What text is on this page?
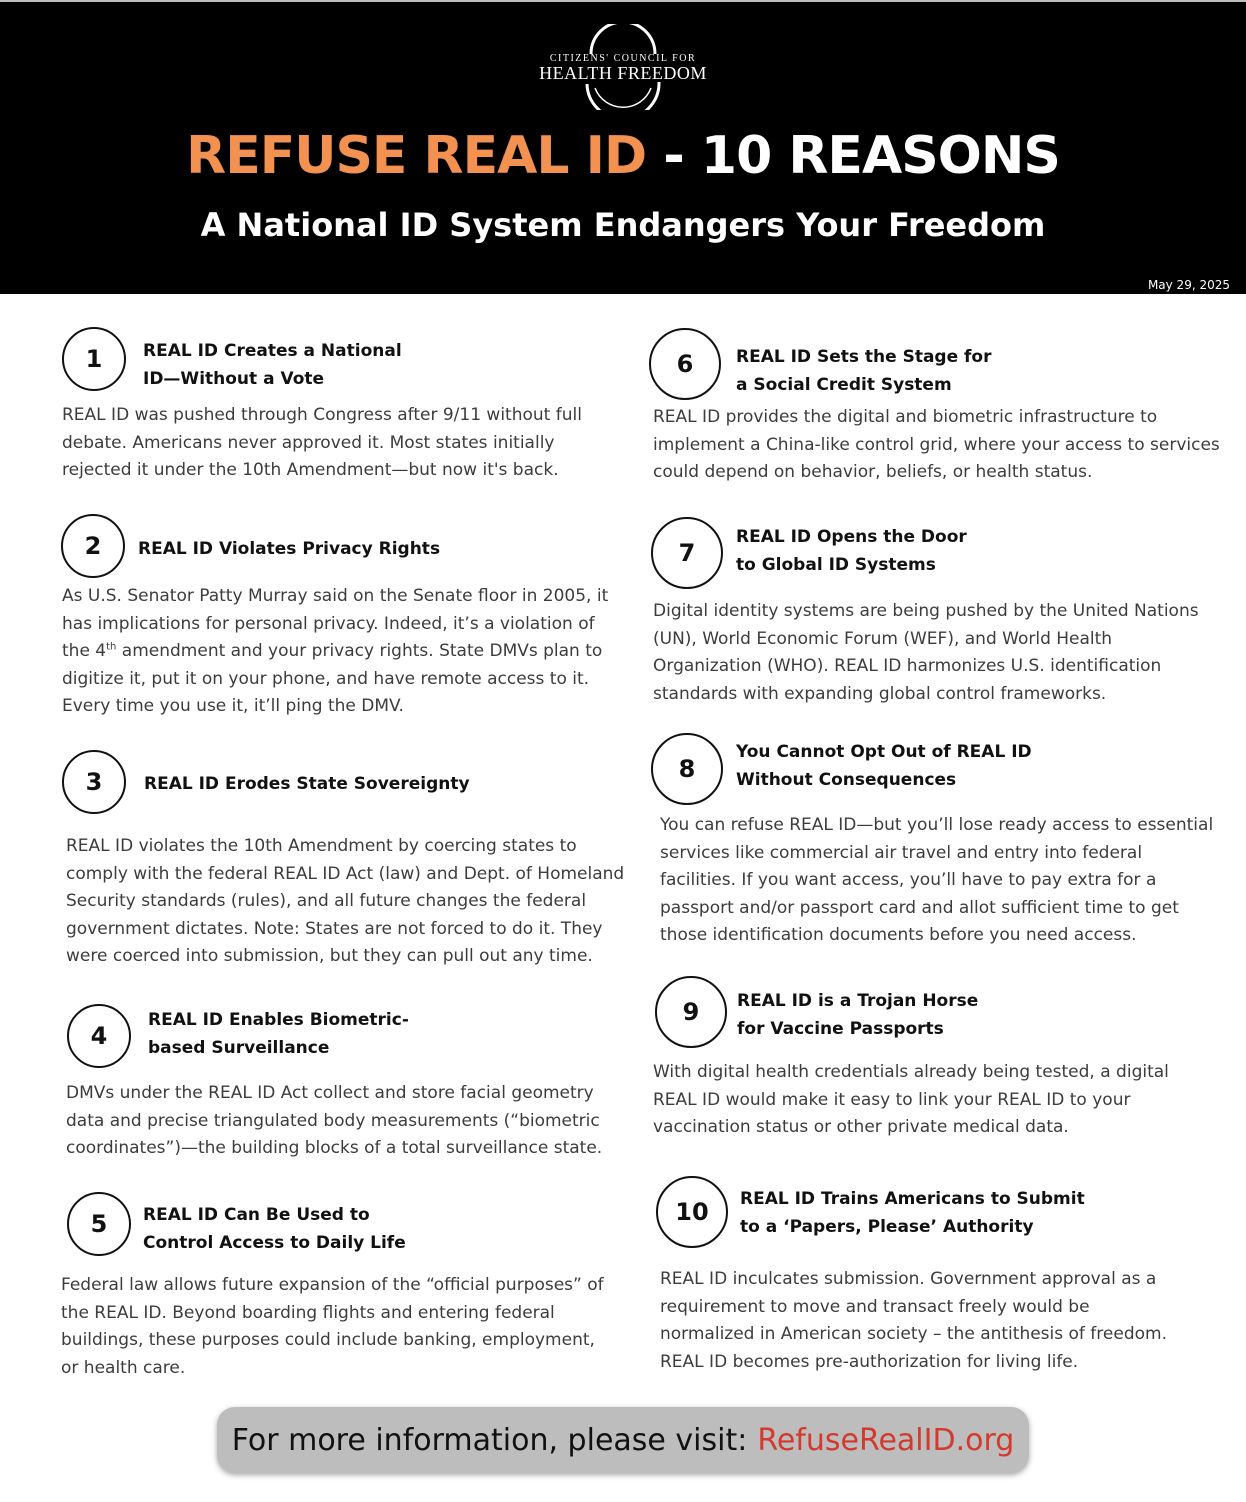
CITIZENS' COUNCIL FOR
HEALTH FREEDOM
REFUSE REAL ID - 10 REASONS
A National ID System Endangers Your Freedom
May 29, 2025
1	REAL ID Creates a National
ID—Without a Vote
REAL ID was pushed through Congress after 9/11 without full
debate. Americans never approved it. Most states initially
rejected it under the 10th Amendment—but now it's back.
2	REAL ID Violates Privacy Rights
As U.S. Senator Patty Murray said on the Senate floor in 2005, it
has implications for personal privacy. Indeed, it’s a violation of
the 4th amendment and your privacy rights. State DMVs plan to
digitize it, put it on your phone, and have remote access to it.
Every time you use it, it’ll ping the DMV.
3	REAL ID Erodes State Sovereignty
REAL ID violates the 10th Amendment by coercing states to
comply with the federal REAL ID Act (law) and Dept. of Homeland
Security standards (rules), and all future changes the federal
government dictates. Note: States are not forced to do it. They
were coerced into submission, but they can pull out any time.
4
REAL ID Enables Biometric-
based Surveillance
DMVs under the REAL ID Act collect and store facial geometry
data and precise triangulated body measurements (“biometric
coordinates”)—the building blocks of a total surveillance state.
5	REAL ID Can Be Used to
Control Access to Daily Life
Federal law allows future expansion of the “official purposes” of
the REAL ID. Beyond boarding flights and entering federal
buildings, these purposes could include banking, employment,
or health care.
6	REAL ID Sets the Stage for
a Social Credit System
REAL ID provides the digital and biometric infrastructure to
implement a China-like control grid, where your access to services
could depend on behavior, beliefs, or health status.
7
REAL ID Opens the Door
to Global ID Systems
Digital identity systems are being pushed by the United Nations
(UN), World Economic Forum (WEF), and World Health
Organization (WHO). REAL ID harmonizes U.S. identification
standards with expanding global control frameworks.
8
You Cannot Opt Out of REAL ID
Without Consequences
You can refuse REAL ID—but you’ll lose ready access to essential
services like commercial air travel and entry into federal
facilities. If you want access, you’ll have to pay extra for a
passport and/or passport card and allot sufficient time to get
those identification documents before you need access.
9	REAL ID is a Trojan Horse
for Vaccine Passports
With digital health credentials already being tested, a digital
REAL ID would make it easy to link your REAL ID to your
vaccination status or other private medical data.
10	REAL ID Trains Americans to Submit
to a ‘Papers, Please’ Authority
REAL ID inculcates submission. Government approval as a
requirement to move and transact freely would be
normalized in American society – the antithesis of freedom.
REAL ID becomes pre-authorization for living life.
For more information, please visit: RefuseRealID.org
